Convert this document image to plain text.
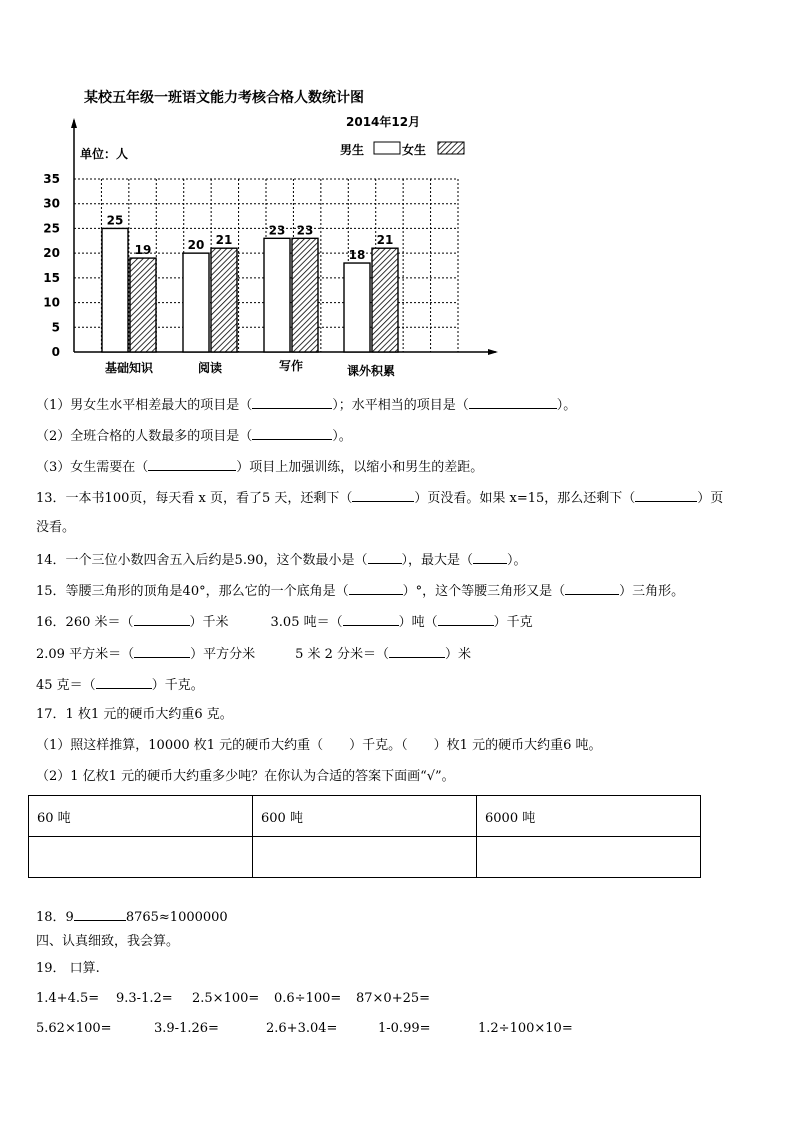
某校五年级一班语文能力考核合格人数统计图
2014年12月
单位：人	男生	女生
0
5
10
15
20
25
30
35
基础知识	阅读	写作	课外积累
25
19	20 21
23 23
18
21
（1）男女生水平相差最大的项目是（	）；水平相当的项目是（	）。
（2）全班合格的人数最多的项目是（	）。
（3）女生需要在（	）项目上加强训练，以缩小和男生的差距。
13．一本书100页，每天看 x 页，看了5 天，还剩下（	）页没看。如果 x=15，那么还剩下（	）页
没看。
14．一个三位小数四舍五入后约是5.90，这个数最小是（	），最大是（	）。
15．等腰三角形的顶角是40°，那么它的一个底角是（	）°，这个等腰三角形又是（	）三角形。
16．260 米＝（	）千米	3.05 吨＝（	）吨（	）千克
2.09 平方米＝（	）平方分米	5 米 2 分米＝（	）米
45 克＝（	）千克。
17．1 枚1 元的硬币大约重6 克。
（1）照这样推算，10000 枚1 元的硬币大约重（　　）千克。（　　）枚1 元的硬币大约重6 吨。
（2）1 亿枚1 元的硬币大约重多少吨？在你认为合适的答案下面画“√”。
60 吨	600 吨	6000 吨

18．9	8765≈1000000
四、认真细致，我会算。
19． 口算.
1.4+4.5= 9.3-1.2= 2.5×100= 0.6÷100= 87×0+25=
5.62×100=	3.9-1.26=	2.6+3.04=	1-0.99=	1.2÷100×10=
